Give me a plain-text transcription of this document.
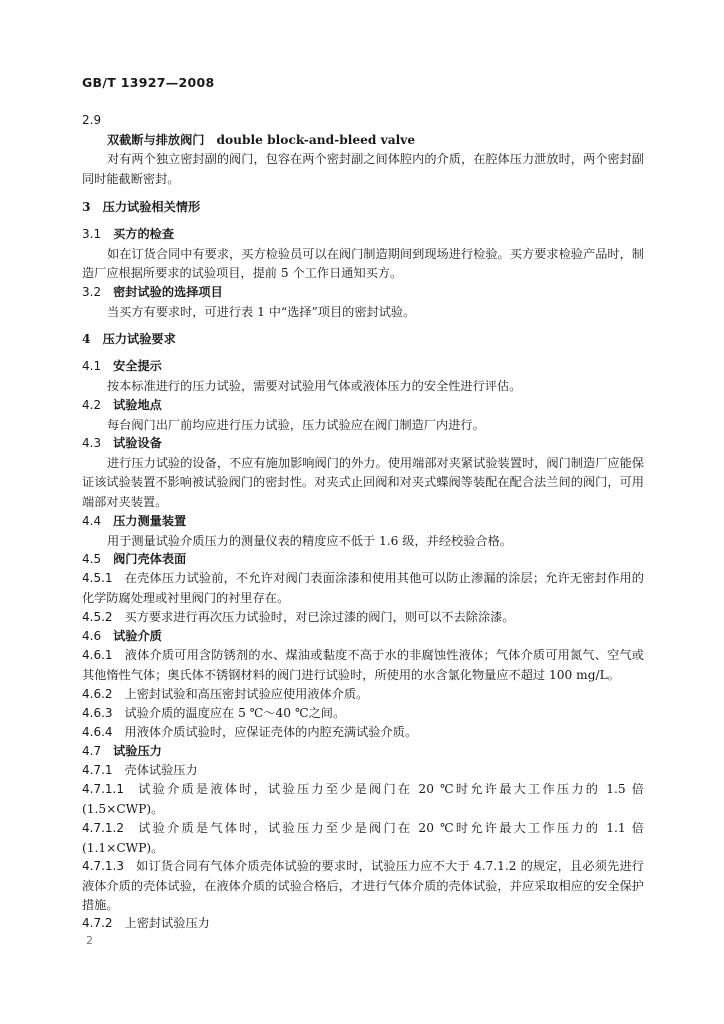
GB/T 13927—2008
2.9
双截断与排放阀门 double block-and-bleed valve
对有两个独立密封副的阀门，包容在两个密封副之间体腔内的介质，在腔体压力泄放时，两个密封副同时能截断密封。
3　压力试验相关情形
3.1 买方的检查
如在订货合同中有要求，买方检验员可以在阀门制造期间到现场进行检验。买方要求检验产品时，制造厂应根据所要求的试验项目，提前 5 个工作日通知买方。
3.2 密封试验的选择项目
当买方有要求时，可进行表 1 中“选择”项目的密封试验。
4　压力试验要求
4.1 安全提示
按本标准进行的压力试验，需要对试验用气体或液体压力的安全性进行评估。
4.2 试验地点
每台阀门出厂前均应进行压力试验，压力试验应在阀门制造厂内进行。
4.3 试验设备
进行压力试验的设备，不应有施加影响阀门的外力。使用端部对夹紧试验装置时，阀门制造厂应能保证该试验装置不影响被试验阀门的密封性。对夹式止回阀和对夹式蝶阀等装配在配合法兰间的阀门，可用端部对夹装置。
4.4 压力测量装置
用于测量试验介质压力的测量仪表的精度应不低于 1.6 级，并经校验合格。
4.5 阀门壳体表面
4.5.1 在壳体压力试验前，不允许对阀门表面涂漆和使用其他可以防止渗漏的涂层；允许无密封作用的化学防腐处理或衬里阀门的衬里存在。
4.5.2 买方要求进行再次压力试验时，对已涂过漆的阀门，则可以不去除涂漆。
4.6 试验介质
4.6.1 液体介质可用含防锈剂的水、煤油或黏度不高于水的非腐蚀性液体；气体介质可用氮气、空气或其他惰性气体；奥氏体不锈钢材料的阀门进行试验时，所使用的水含氯化物量应不超过 100 mg/L。
4.6.2 上密封试验和高压密封试验应使用液体介质。
4.6.3 试验介质的温度应在 5 ℃～40 ℃之间。
4.6.4 用液体介质试验时，应保证壳体的内腔充满试验介质。
4.7 试验压力
4.7.1 壳体试验压力
4.7.1.1 试验介质是液体时，试验压力至少是阀门在 20 ℃时允许最大工作压力的 1.5 倍(1.5×CWP)。
4.7.1.2 试验介质是气体时，试验压力至少是阀门在 20 ℃时允许最大工作压力的 1.1 倍(1.1×CWP)。
4.7.1.3 如订货合同有气体介质壳体试验的要求时，试验压力应不大于 4.7.1.2 的规定，且必须先进行液体介质的壳体试验，在液体介质的试验合格后，才进行气体介质的壳体试验，并应采取相应的安全保护措施。
4.7.2 上密封试验压力
2
